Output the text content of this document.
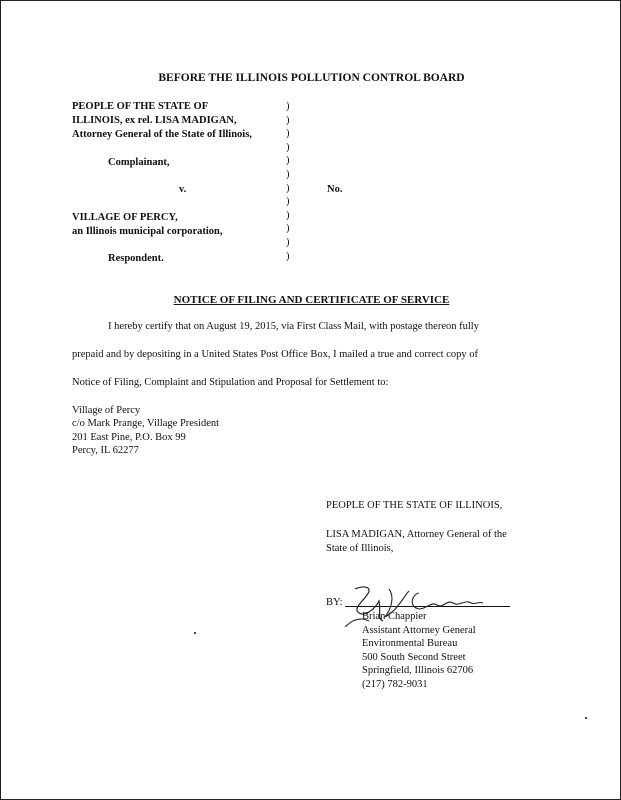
BEFORE THE ILLINOIS POLLUTION CONTROL BOARD
PEOPLE OF THE STATE OF
ILLINOIS, ex rel. LISA MADIGAN,
Attorney General of the State of Illinois,
Complainant,
v.	No.
VILLAGE OF PERCY,
an Illinois municipal corporation,
Respondent.
)
)
)
)
)
)
)
)
)
)
)
)
NOTICE OF FILING AND CERTIFICATE OF SERVICE
I hereby certify that on August 19, 2015, via First Class Mail, with postage thereon fully
prepaid and by depositing in a United States Post Office Box, I mailed a true and correct copy of
Notice of Filing, Complaint and Stipulation and Proposal for Settlement to:
Village of Percy
c/o Mark Prange, Village President
201 East Pine, P.O. Box 99
Percy, IL 62277
PEOPLE OF THE STATE OF ILLINOIS,
LISA MADIGAN, Attorney General of the
State of Illinois,
BY:
Brian Chappier
Assistant Attorney General
Environmental Bureau
500 South Second Street
Springfield, Illinois 62706
(217) 782-9031
